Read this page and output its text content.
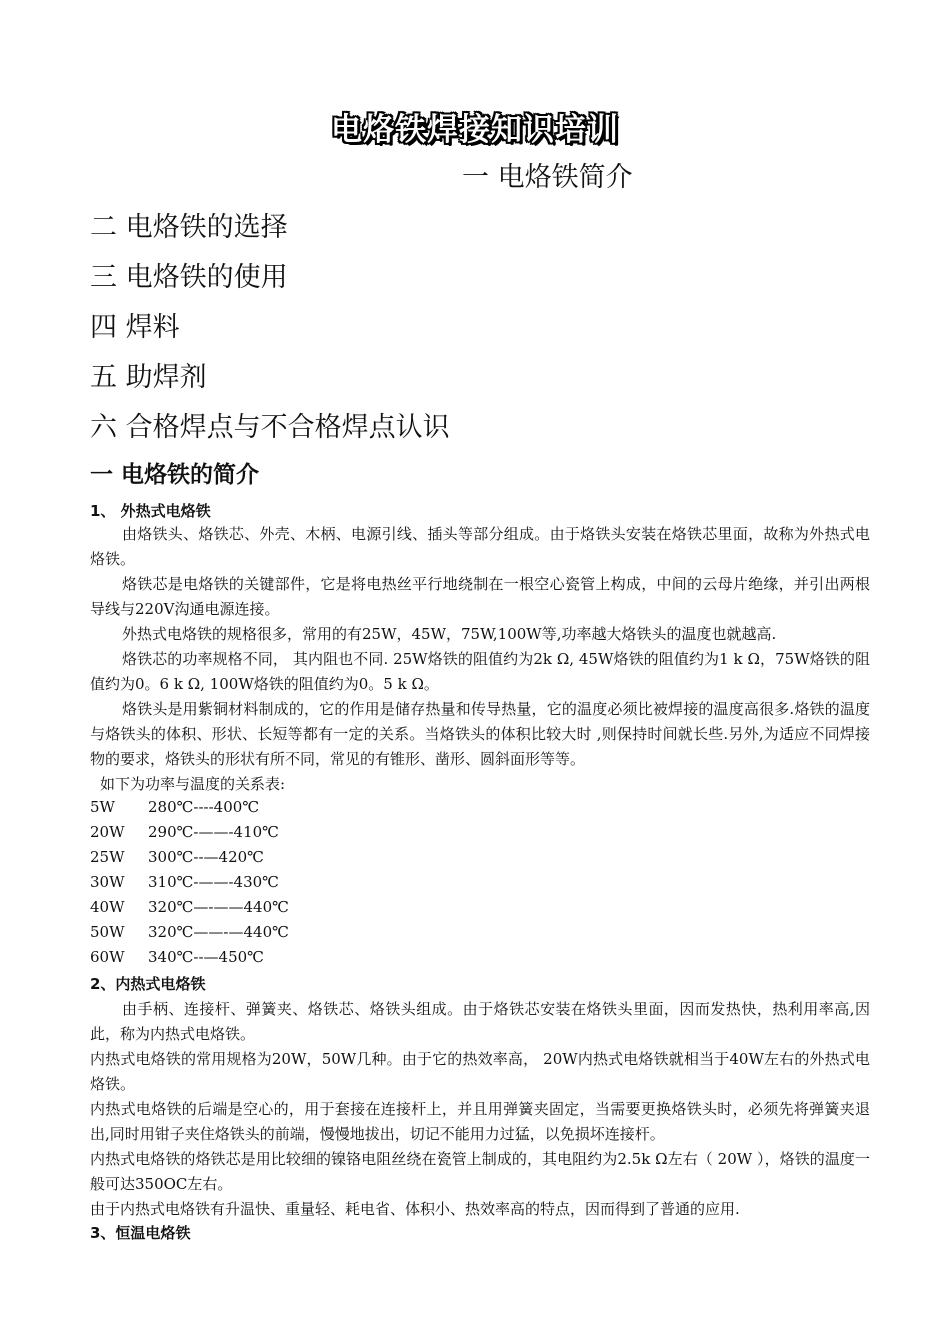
电烙铁焊接知识培训
一 电烙铁简介
二 电烙铁的选择
三 电烙铁的使用
四 焊料
五 助焊剂
六 合格焊点与不合格焊点认识
一 电烙铁的简介
1、 外热式电烙铁
由烙铁头、烙铁芯、外壳、木柄、电源引线、插头等部分组成。由于烙铁头安装在烙铁芯里面，故称为外热式电烙铁。
烙铁芯是电烙铁的关键部件，它是将电热丝平行地绕制在一根空心瓷管上构成，中间的云母片绝缘，并引出两根导线与220V沟通电源连接。
外热式电烙铁的规格很多，常用的有25W，45W，75W,100W等,功率越大烙铁头的温度也就越高.
烙铁芯的功率规格不同， 其内阻也不同. 25W烙铁的阻值约为2k Ω, 45W烙铁的阻值约为1 k Ω，75W烙铁的阻值约为0。6 k Ω, 100W烙铁的阻值约为0。5 k Ω。
烙铁头是用紫铜材料制成的，它的作用是储存热量和传导热量，它的温度必须比被焊接的温度高很多.烙铁的温度与烙铁头的体积、形状、长短等都有一定的关系。当烙铁头的体积比较大时 ,则保持时间就长些.另外,为适应不同焊接物的要求，烙铁头的形状有所不同，常见的有锥形、凿形、圆斜面形等等。
如下为功率与温度的关系表:
5W 280℃----400℃
20W 290℃-——-410℃
25W 300℃--—420℃
30W 310℃-——-430℃
40W 320℃—-——440℃
50W 320℃——-—440℃
60W 340℃--—450℃
2、内热式电烙铁
由手柄、连接杆、弹簧夹、烙铁芯、烙铁头组成。由于烙铁芯安装在烙铁头里面，因而发热快，热利用率高,因此，称为内热式电烙铁。
内热式电烙铁的常用规格为20W，50W几种。由于它的热效率高， 20W内热式电烙铁就相当于40W左右的外热式电烙铁。
内热式电烙铁的后端是空心的，用于套接在连接杆上，并且用弹簧夹固定，当需要更换烙铁头时，必须先将弹簧夹退出,同时用钳子夹住烙铁头的前端，慢慢地拔出，切记不能用力过猛，以免损坏连接杆。
内热式电烙铁的烙铁芯是用比较细的镍铬电阻丝绕在瓷管上制成的，其电阻约为2.5k Ω左右（ 20W ），烙铁的温度一般可达350OC左右。
由于内热式电烙铁有升温快、重量轻、耗电省、体积小、热效率高的特点，因而得到了普通的应用.
3、恒温电烙铁
